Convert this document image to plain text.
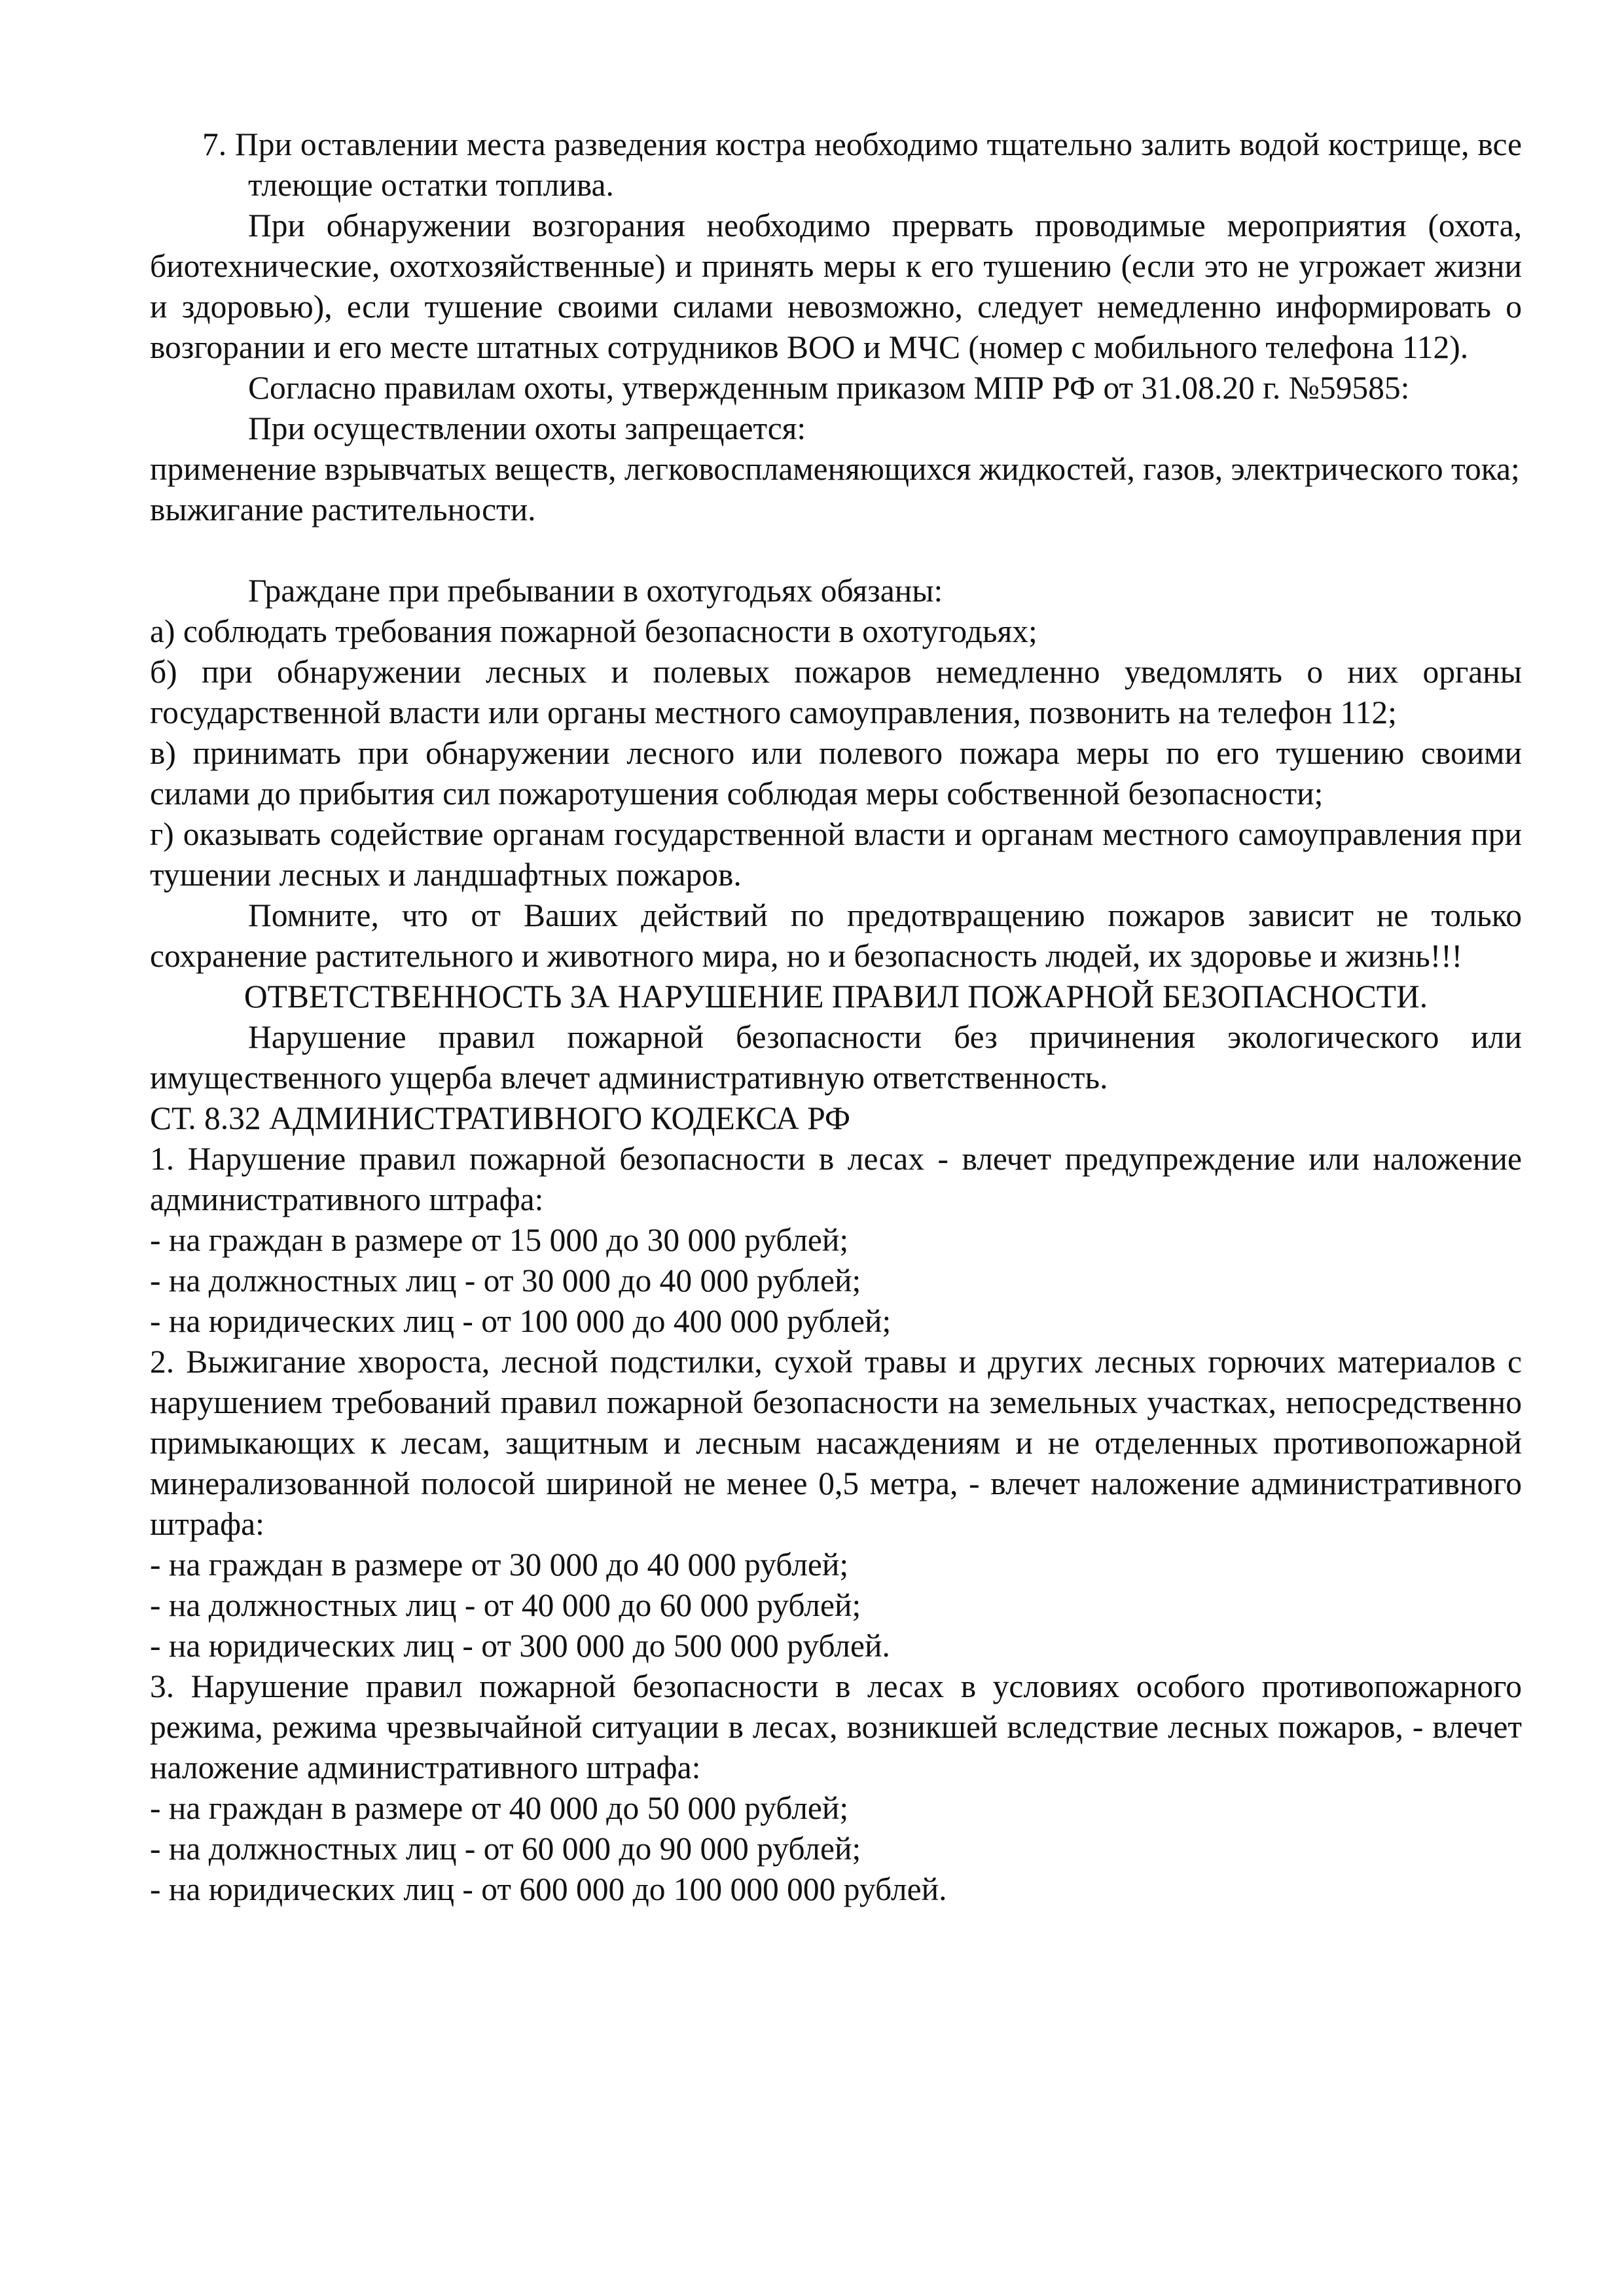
7. При оставлении места разведения костра необходимо тщательно залить водой кострище, все тлеющие остатки топлива.

При обнаружении возгорания необходимо прервать проводимые мероприятия (охота, биотехнические, охотхозяйственные) и принять меры к его тушению (если это не угрожает жизни и здоровью), если тушение своими силами невозможно, следует немедленно информировать о возгорании и его месте штатных сотрудников ВОО и МЧС (номер с мобильного телефона 112).

Согласно правилам охоты, утвержденным приказом МПР РФ от 31.08.20 г. №59585:

При осуществлении охоты запрещается:

применение взрывчатых веществ, легковоспламеняющихся жидкостей, газов, электрического тока;

выжигание растительности.

Граждане при пребывании в охотугодьях обязаны:

а) соблюдать требования пожарной безопасности в охотугодьях;

б) при обнаружении лесных и полевых пожаров немедленно уведомлять о них органы государственной власти или органы местного самоуправления, позвонить на телефон 112;

в) принимать при обнаружении лесного или полевого пожара меры по его тушению своими силами до прибытия сил пожаротушения соблюдая меры собственной безопасности;

г) оказывать содействие органам государственной власти и органам местного самоуправления при тушении лесных и ландшафтных пожаров.

Помните, что от Ваших действий по предотвращению пожаров зависит не только сохранение растительного и животного мира, но и безопасность людей, их здоровье и жизнь!!!

ОТВЕТСТВЕННОСТЬ ЗА НАРУШЕНИЕ ПРАВИЛ ПОЖАРНОЙ БЕЗОПАСНОСТИ.

Нарушение правил пожарной безопасности без причинения экологического или имущественного ущерба влечет административную ответственность.

СТ. 8.32 АДМИНИСТРАТИВНОГО КОДЕКСА РФ

1. Нарушение правил пожарной безопасности в лесах - влечет предупреждение или наложение административного штрафа:

- на граждан в размере от 15 000 до 30 000 рублей;

- на должностных лиц - от 30 000 до 40 000 рублей;

- на юридических лиц - от 100 000 до 400 000 рублей;

2. Выжигание хвороста, лесной подстилки, сухой травы и других лесных горючих материалов с нарушением требований правил пожарной безопасности на земельных участках, непосредственно примыкающих к лесам, защитным и лесным насаждениям и не отделенных противопожарной минерализованной полосой шириной не менее 0,5 метра, - влечет наложение административного штрафа:

- на граждан в размере от 30 000 до 40 000 рублей;

- на должностных лиц - от 40 000 до 60 000 рублей;

- на юридических лиц - от 300 000 до 500 000 рублей.

3. Нарушение правил пожарной безопасности в лесах в условиях особого противопожарного режима, режима чрезвычайной ситуации в лесах, возникшей вследствие лесных пожаров, - влечет наложение административного штрафа:

- на граждан в размере от 40 000 до 50 000 рублей;

- на должностных лиц - от 60 000 до 90 000 рублей;

- на юридических лиц - от 600 000 до 100 000 000 рублей.
